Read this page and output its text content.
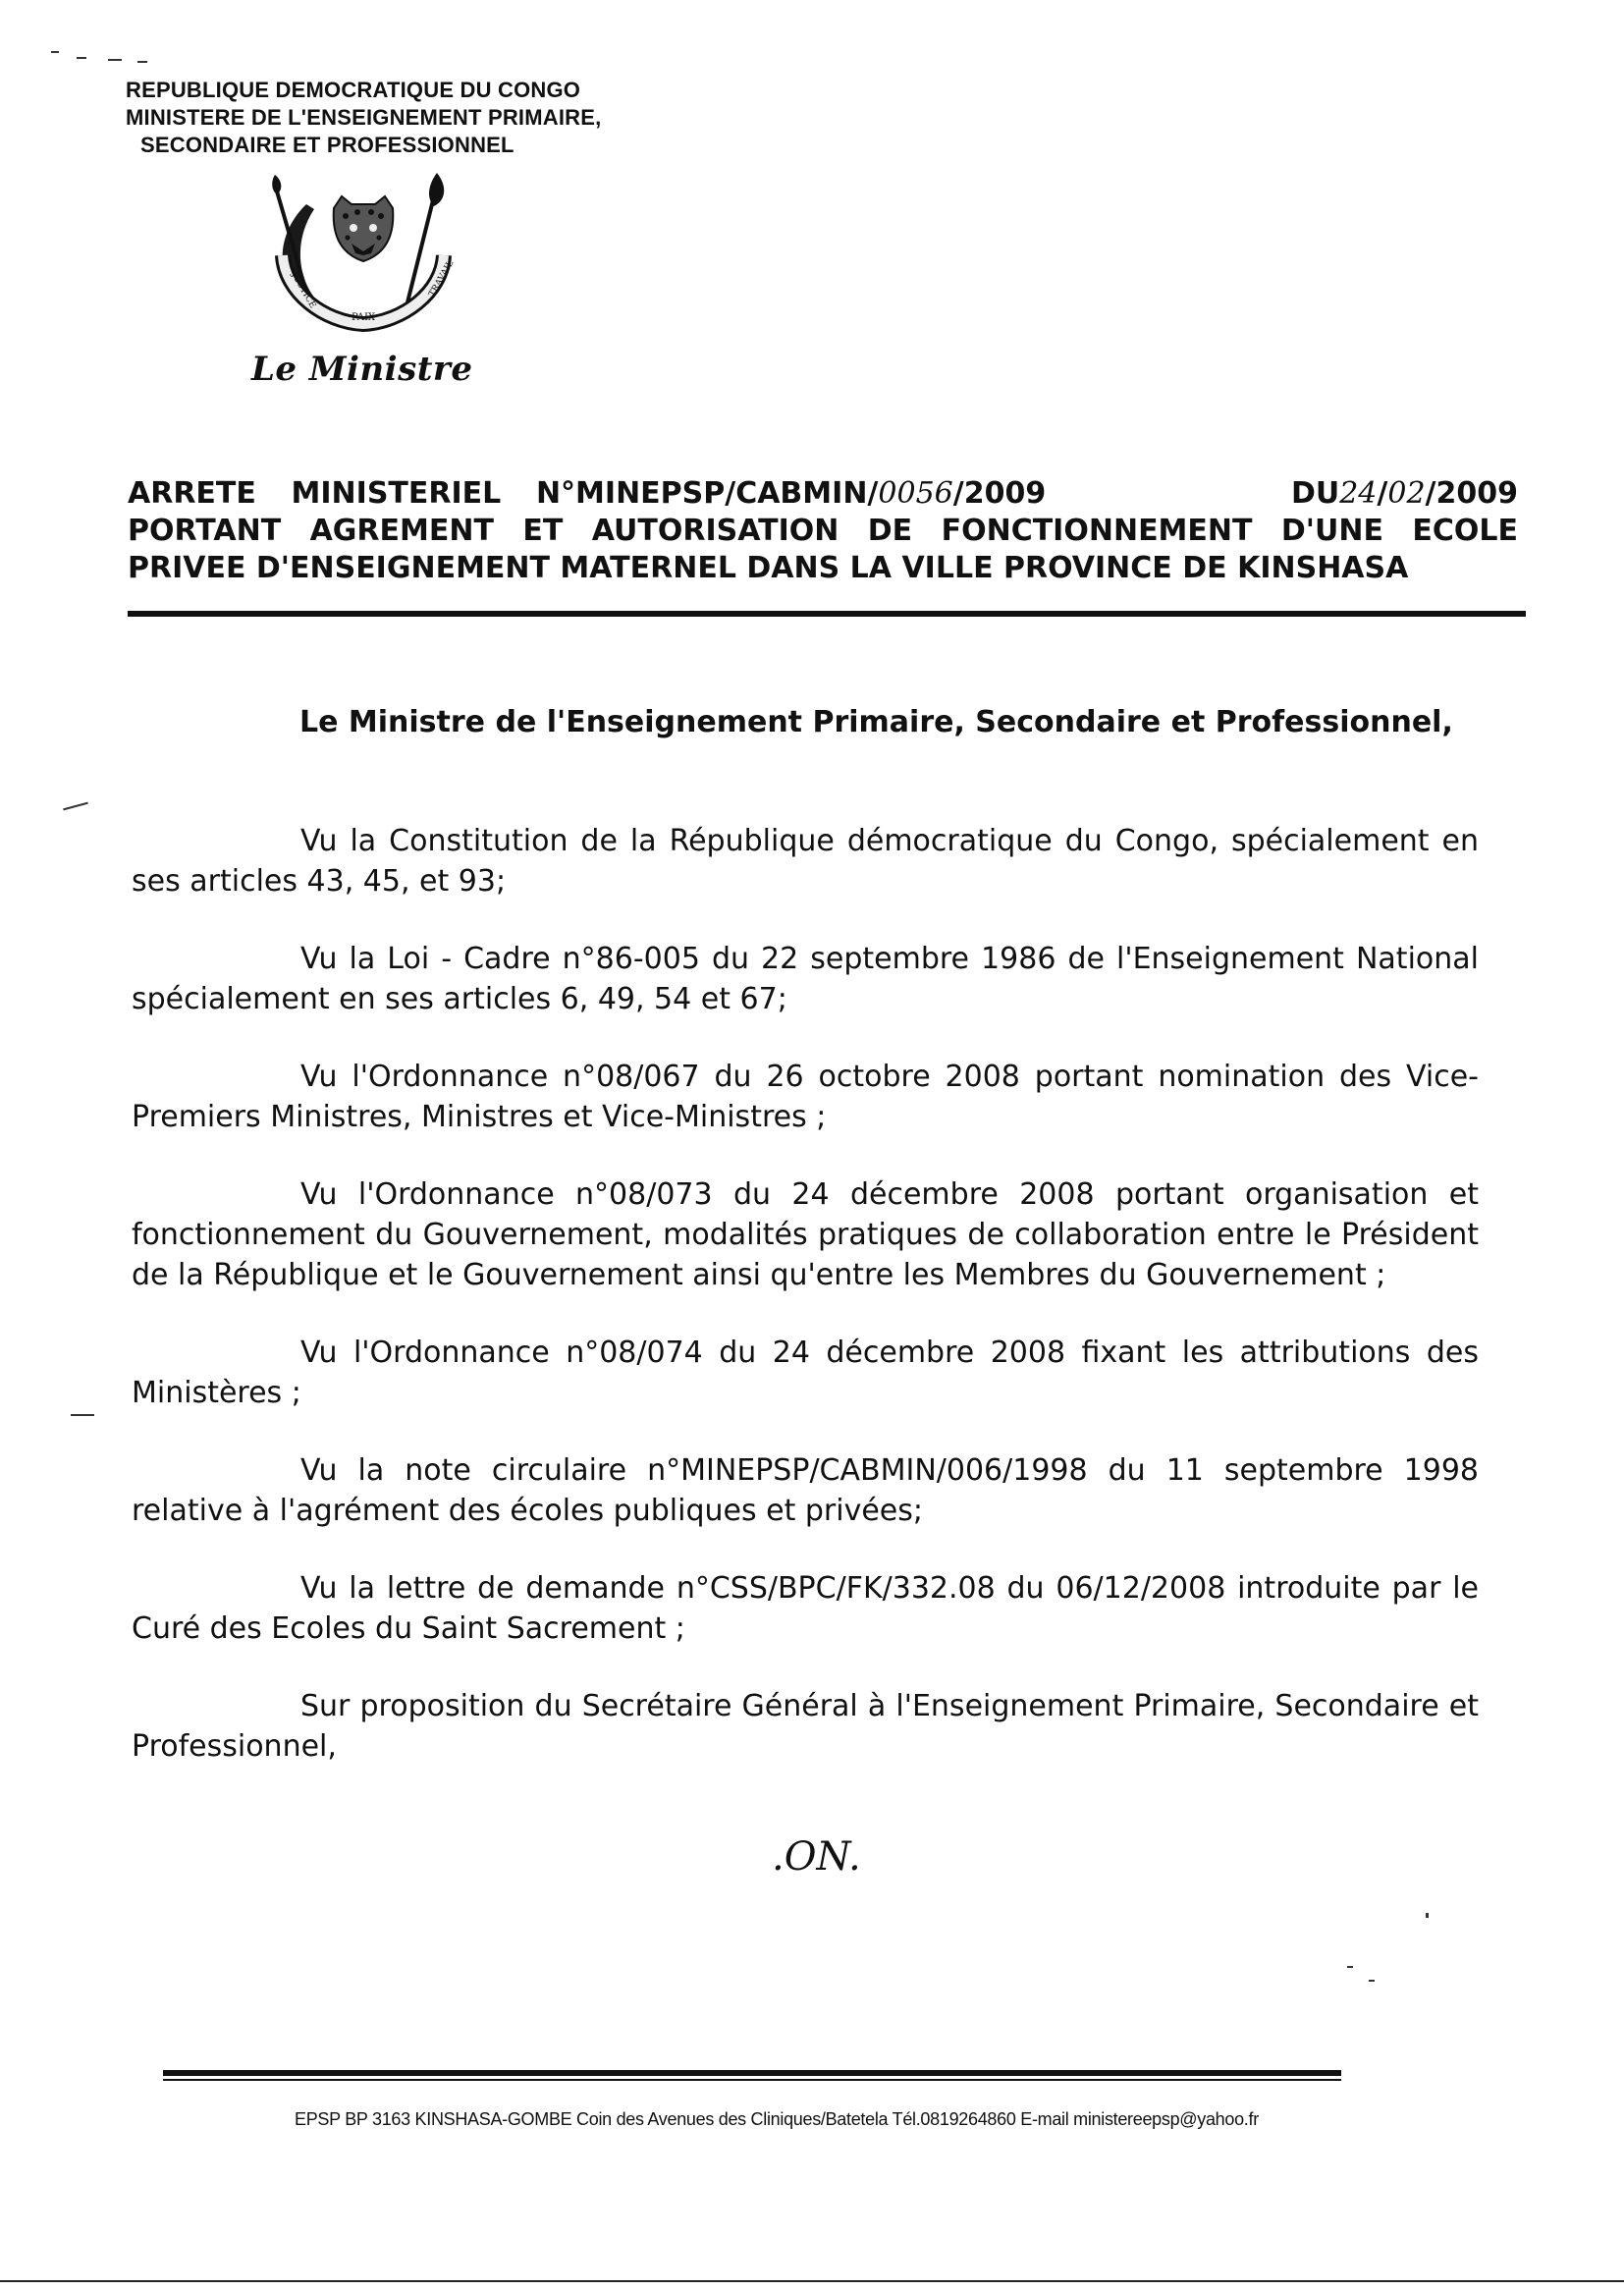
REPUBLIQUE DEMOCRATIQUE DU CONGO
MINISTERE DE L'ENSEIGNEMENT PRIMAIRE,
SECONDAIRE ET PROFESSIONNEL
PAIX
JUSTICE	TRAVAIL
Le Ministre
ARRETE MINISTERIEL N°MINEPSP/CABMIN/0056/2009	DU24/02/2009
PORTANT AGREMENT ET AUTORISATION DE FONCTIONNEMENT D'UNE ECOLE
PRIVEE D'ENSEIGNEMENT MATERNEL DANS LA VILLE PROVINCE DE KINSHASA
Le Ministre de l'Enseignement Primaire, Secondaire et Professionnel,

Vu la Constitution de la République démocratique du Congo, spécialement en ses articles 43, 45, et 93;

Vu la Loi - Cadre n°86-005 du 22 septembre 1986 de l'Enseignement National spécialement en ses articles 6, 49, 54 et 67;

Vu l'Ordonnance n°08/067 du 26 octobre 2008 portant nomination des Vice-Premiers Ministres, Ministres et Vice-Ministres ;

Vu l'Ordonnance n°08/073 du 24 décembre 2008 portant organisation et fonctionnement du Gouvernement, modalités pratiques de collaboration entre le Président de la République et le Gouvernement ainsi qu'entre les Membres du Gouvernement ;

Vu l'Ordonnance n°08/074 du 24 décembre 2008 fixant les attributions des Ministères ;

Vu la note circulaire n°MINEPSP/CABMIN/006/1998 du 11 septembre 1998 relative à l'agrément des écoles publiques et privées;

Vu la lettre de demande n°CSS/BPC/FK/332.08 du 06/12/2008 introduite par le Curé des Ecoles du Saint Sacrement ;

Sur proposition du Secrétaire Général à l'Enseignement Primaire, Secondaire et Professionnel,

.ON.
EPSP BP 3163 KINSHASA-GOMBE Coin des Avenues des Cliniques/Batetela Tél.0819264860 E-mail ministereepsp@yahoo.fr
